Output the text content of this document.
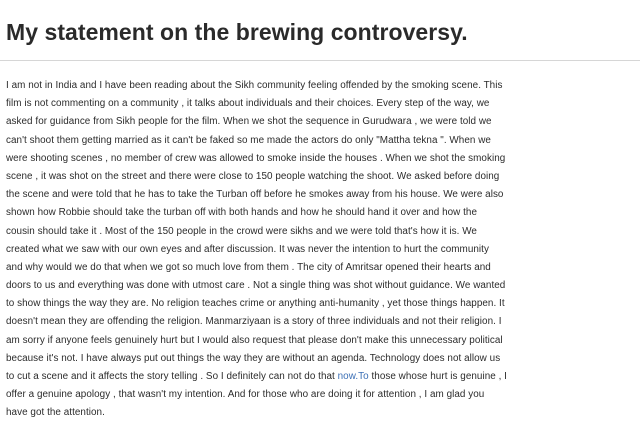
My statement on the brewing controversy.
I am not in India and I have been reading about the Sikh community feeling offended by the smoking scene. This
film is not commenting on a community , it talks about individuals and their choices. Every step of the way, we
asked for guidance from Sikh people for the film. When we shot the sequence in Gurudwara , we were told we
can't shoot them getting married as it can't be faked so me made the actors do only "Mattha tekna ". When we
were shooting scenes , no member of crew was allowed to smoke inside the houses . When we shot the smoking
scene , it was shot on the street and there were close to 150 people watching the shoot. We asked before doing
the scene and were told that he has to take the Turban off before he smokes away from his house. We were also
shown how Robbie should take the turban off with both hands and how he should hand it over and how the
cousin should take it . Most of the 150 people in the crowd were sikhs and we were told that's how it is. We
created what we saw with our own eyes and after discussion. It was never the intention to hurt the community
and why would we do that when we got so much love from them . The city of Amritsar opened their hearts and
doors to us and everything was done with utmost care . Not a single thing was shot without guidance. We wanted
to show things the way they are. No religion teaches crime or anything anti-humanity , yet those things happen. It
doesn't mean they are offending the religion. Manmarziyaan is a story of three individuals and not their religion. I
am sorry if anyone feels genuinely hurt but I would also request that please don't make this unnecessary political
because it's not. I have always put out things the way they are without an agenda. Technology does not allow us
to cut a scene and it affects the story telling . So I definitely can not do that now.To those whose hurt is genuine , I
offer a genuine apology , that wasn't my intention. And for those who are doing it for attention , I am glad you
have got the attention.
